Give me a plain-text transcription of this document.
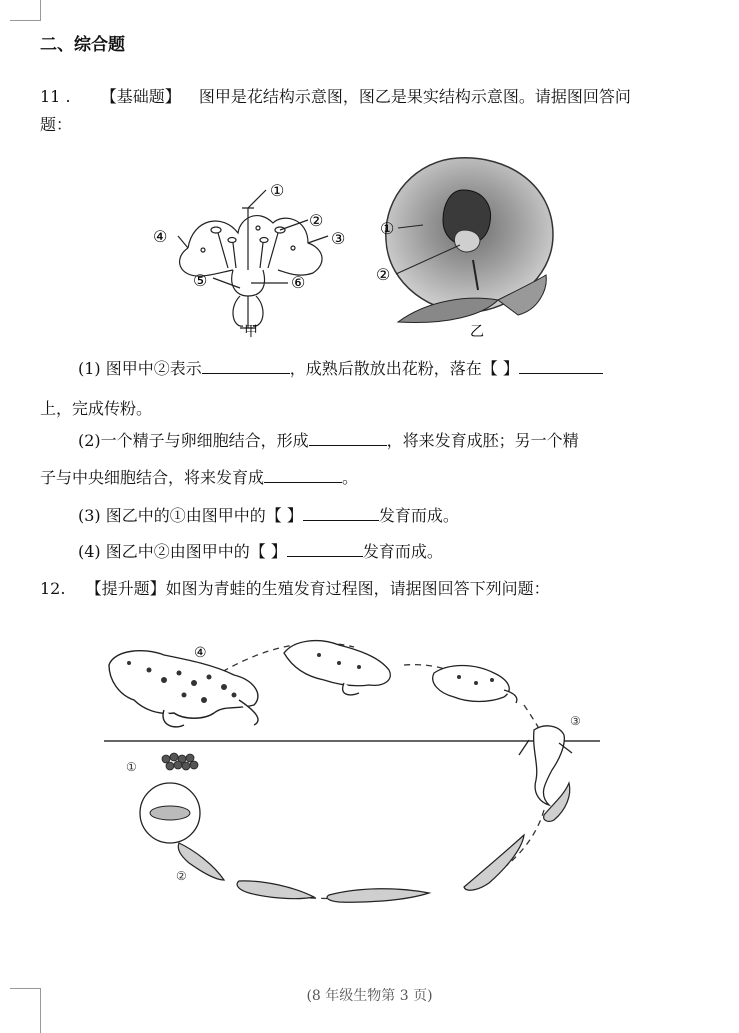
二、综合题
11 . 【基础题】 图甲是花结构示意图，图乙是果实结构示意图。请据图回答问
题：
①
②
③
④
⑤	⑥
甲
①
②
乙
(1) 图甲中②表示	，成熟后散放出花粉，落在【 】
上，完成传粉。
(2)一个精子与卵细胞结合，形成	，将来发育成胚；另一个精
子与中央细胞结合，将来发育成	。
(3) 图乙中的①由图甲中的【 】	发育而成。
(4) 图乙中②由图甲中的【 】	发育而成。
12. 【提升题】如图为青蛙的生殖发育过程图，请据图回答下列问题：
④
①
②
③
(8 年级生物第 3 页)
